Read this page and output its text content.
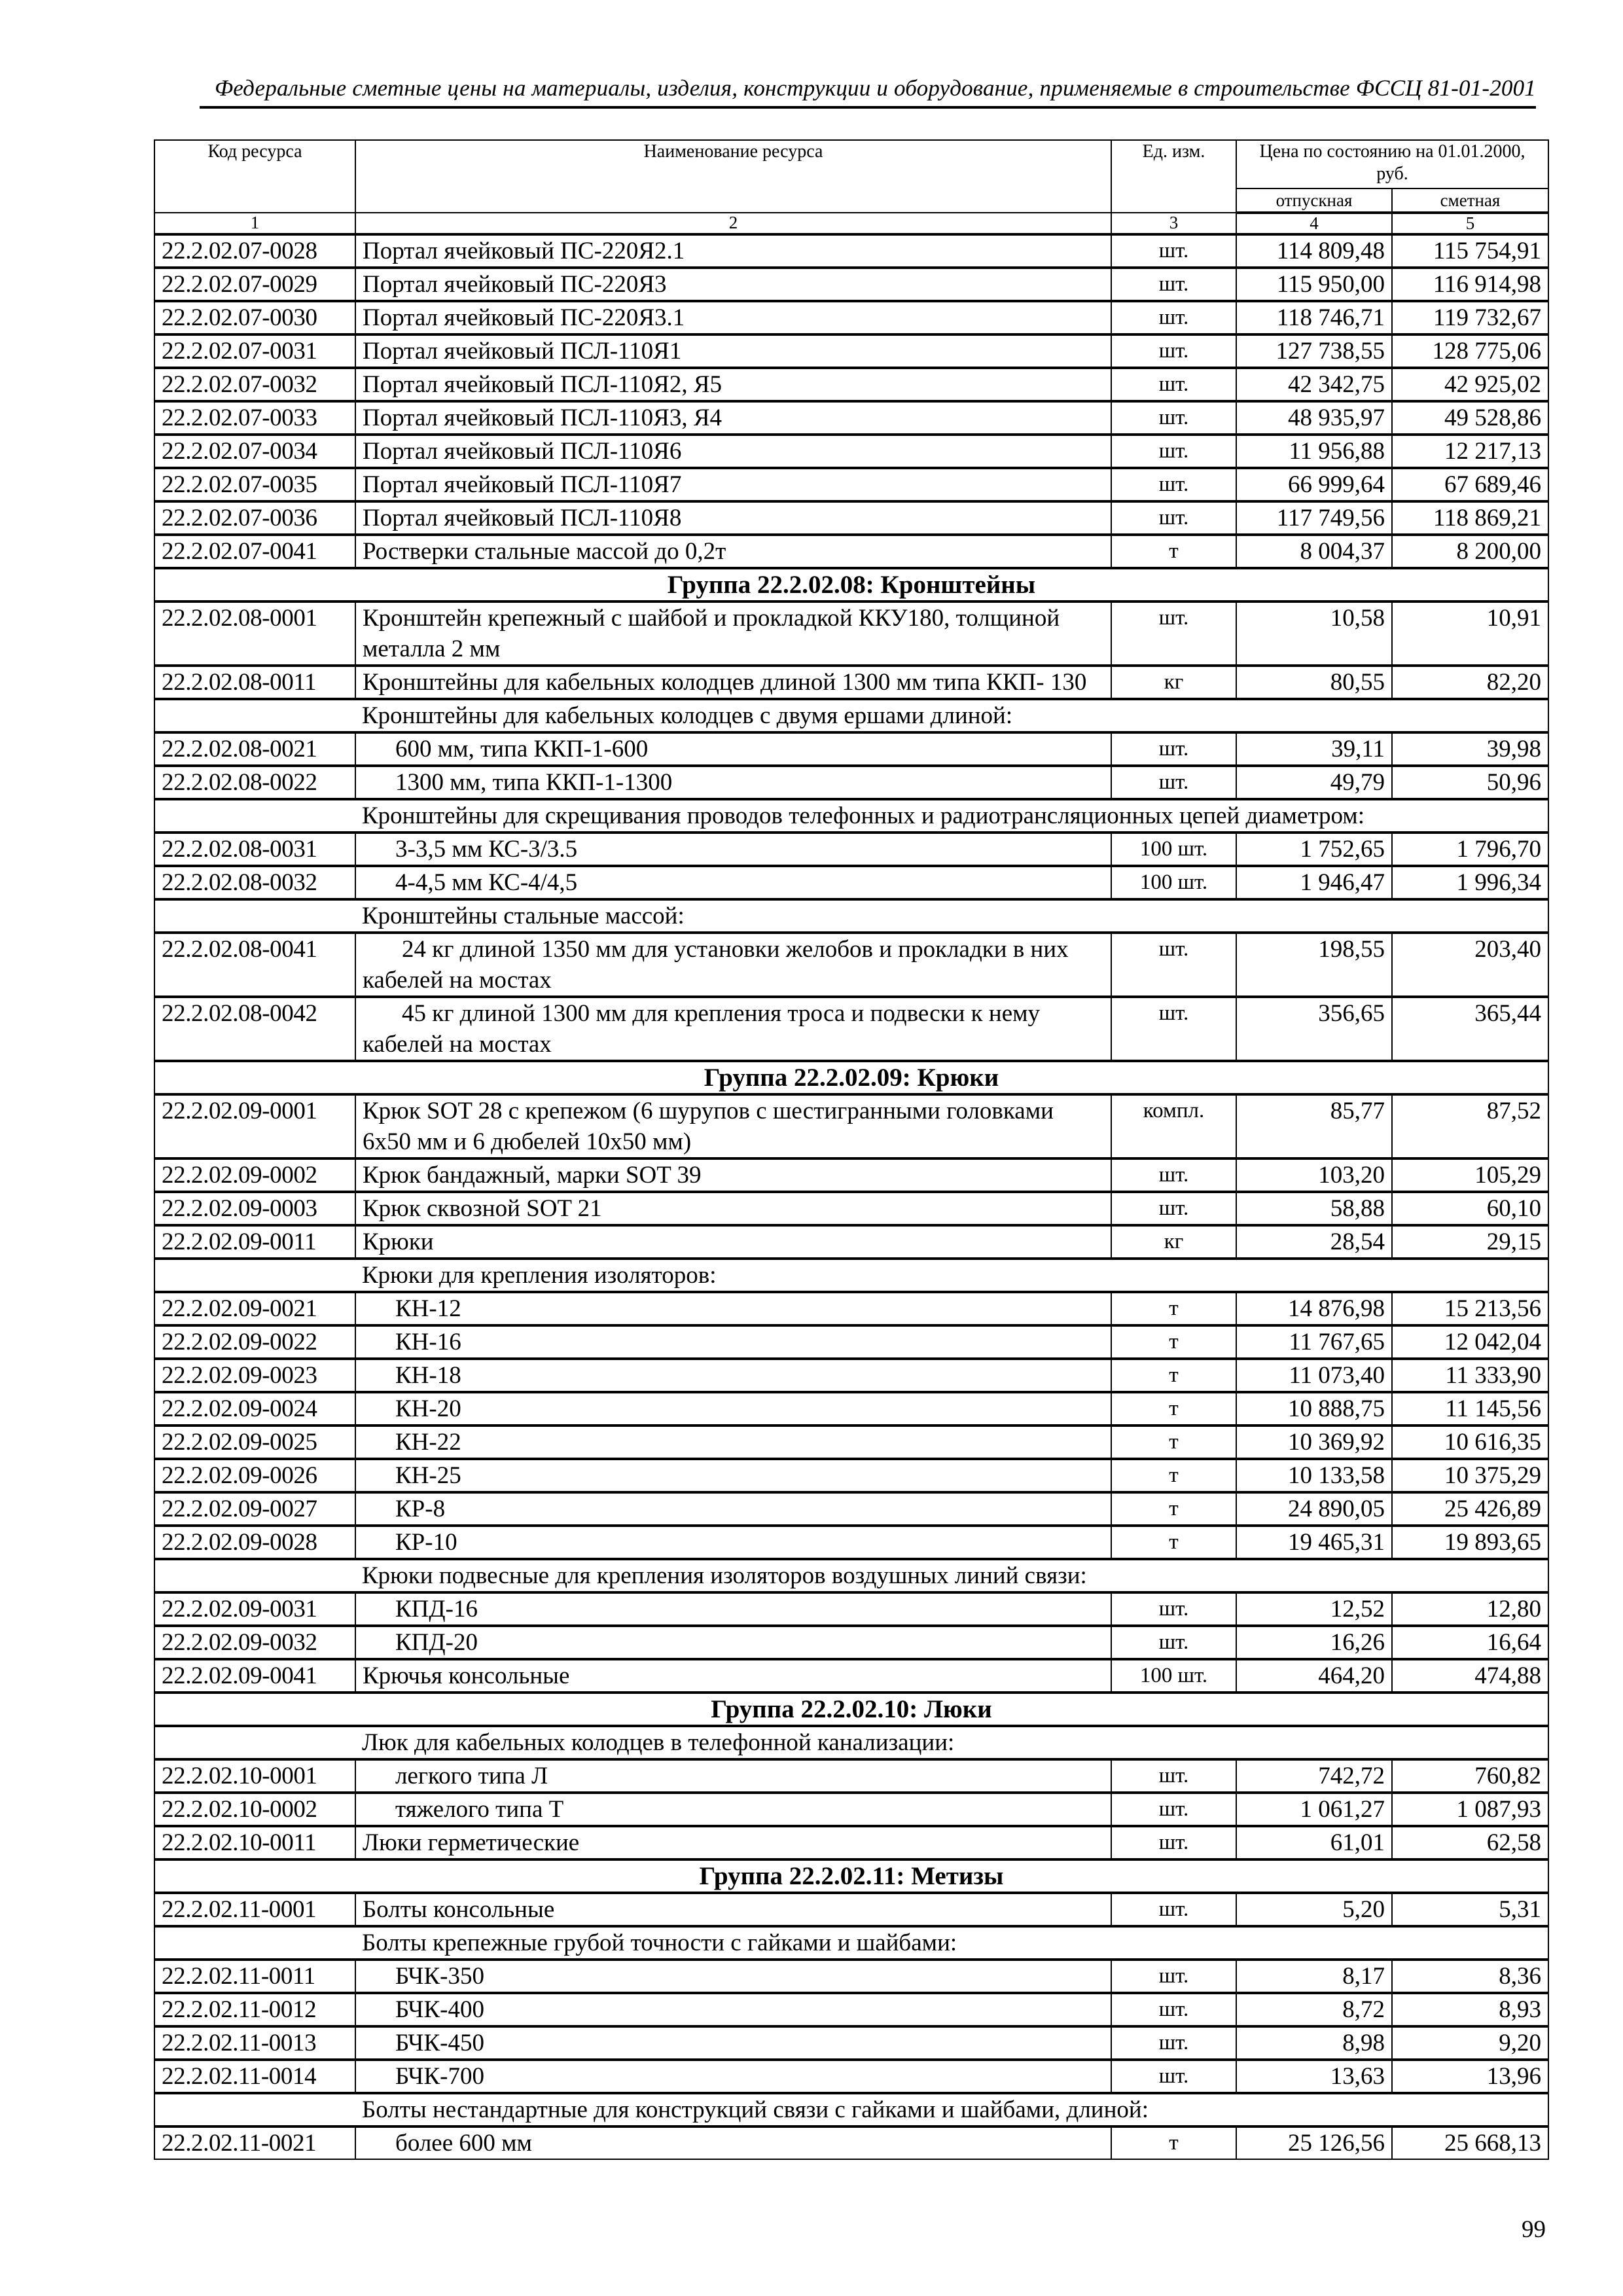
Федеральные сметные цены на материалы, изделия, конструкции и оборудование, применяемые в строительстве ФССЦ 81-01-2001
Код ресурса	Наименование ресурса	Ед. изм.	Цена по состоянию на 01.01.2000, руб.	
			отпускная	сметная
1	2	3	4	5
22.2.02.07-0028	Портал ячейковый ПС-220Я2.1	шт.	114 809,48	115 754,91
22.2.02.07-0029	Портал ячейковый ПС-220Я3	шт.	115 950,00	116 914,98
22.2.02.07-0030	Портал ячейковый ПС-220Я3.1	шт.	118 746,71	119 732,67
22.2.02.07-0031	Портал ячейковый ПСЛ-110Я1	шт.	127 738,55	128 775,06
22.2.02.07-0032	Портал ячейковый ПСЛ-110Я2, Я5	шт.	42 342,75	42 925,02
22.2.02.07-0033	Портал ячейковый ПСЛ-110Я3, Я4	шт.	48 935,97	49 528,86
22.2.02.07-0034	Портал ячейковый ПСЛ-110Я6	шт.	11 956,88	12 217,13
22.2.02.07-0035	Портал ячейковый ПСЛ-110Я7	шт.	66 999,64	67 689,46
22.2.02.07-0036	Портал ячейковый ПСЛ-110Я8	шт.	117 749,56	118 869,21
22.2.02.07-0041	Ростверки стальные массой до 0,2т	т	8 004,37	8 200,00
Группа 22.2.02.08: Кронштейны				
22.2.02.08-0001	Кронштейн крепежный с шайбой и прокладкой ККУ180, толщиной металла 2 мм	шт.	10,58	10,91
22.2.02.08-0011	Кронштейны для кабельных колодцев длиной 1300 мм типа ККП- 130	кг	80,55	82,20
	Кронштейны для кабельных колодцев с двумя ершами длиной:			
22.2.02.08-0021	600 мм, типа ККП-1-600	шт.	39,11	39,98
22.2.02.08-0022	1300 мм, типа ККП-1-1300	шт.	49,79	50,96
	Кронштейны для скрещивания проводов телефонных и радиотрансляционных цепей диаметром:			
22.2.02.08-0031	3-3,5 мм КС-3/3.5	100 шт.	1 752,65	1 796,70
22.2.02.08-0032	4-4,5 мм КС-4/4,5	100 шт.	1 946,47	1 996,34
	Кронштейны стальные массой:			
22.2.02.08-0041	24 кг длиной 1350 мм для установки желобов и прокладки в них кабелей на мостах	шт.	198,55	203,40
22.2.02.08-0042	45 кг длиной 1300 мм для крепления троса и подвески к нему кабелей на мостах	шт.	356,65	365,44
Группа 22.2.02.09: Крюки				
22.2.02.09-0001	Крюк SOT 28 с крепежом (6 шурупов с шестигранными головками 6х50 мм и 6 дюбелей 10х50 мм)	компл.	85,77	87,52
22.2.02.09-0002	Крюк бандажный, марки SOT 39	шт.	103,20	105,29
22.2.02.09-0003	Крюк сквозной SOT 21	шт.	58,88	60,10
22.2.02.09-0011	Крюки	кг	28,54	29,15
	Крюки для крепления изоляторов:			
22.2.02.09-0021	КН-12	т	14 876,98	15 213,56
22.2.02.09-0022	КН-16	т	11 767,65	12 042,04
22.2.02.09-0023	КН-18	т	11 073,40	11 333,90
22.2.02.09-0024	КН-20	т	10 888,75	11 145,56
22.2.02.09-0025	КН-22	т	10 369,92	10 616,35
22.2.02.09-0026	КН-25	т	10 133,58	10 375,29
22.2.02.09-0027	КР-8	т	24 890,05	25 426,89
22.2.02.09-0028	КР-10	т	19 465,31	19 893,65
	Крюки подвесные для крепления изоляторов воздушных линий связи:			
22.2.02.09-0031	КПД-16	шт.	12,52	12,80
22.2.02.09-0032	КПД-20	шт.	16,26	16,64
22.2.02.09-0041	Крючья консольные	100 шт.	464,20	474,88
Группа 22.2.02.10: Люки				
	Люк для кабельных колодцев в телефонной канализации:			
22.2.02.10-0001	легкого типа Л	шт.	742,72	760,82
22.2.02.10-0002	тяжелого типа Т	шт.	1 061,27	1 087,93
22.2.02.10-0011	Люки герметические	шт.	61,01	62,58
Группа 22.2.02.11: Метизы				
22.2.02.11-0001	Болты консольные	шт.	5,20	5,31
	Болты крепежные грубой точности с гайками и шайбами:			
22.2.02.11-0011	БЧК-350	шт.	8,17	8,36
22.2.02.11-0012	БЧК-400	шт.	8,72	8,93
22.2.02.11-0013	БЧК-450	шт.	8,98	9,20
22.2.02.11-0014	БЧК-700	шт.	13,63	13,96
	Болты нестандартные для конструкций связи с гайками и шайбами, длиной:			
22.2.02.11-0021	более 600 мм	т	25 126,56	25 668,13
99
